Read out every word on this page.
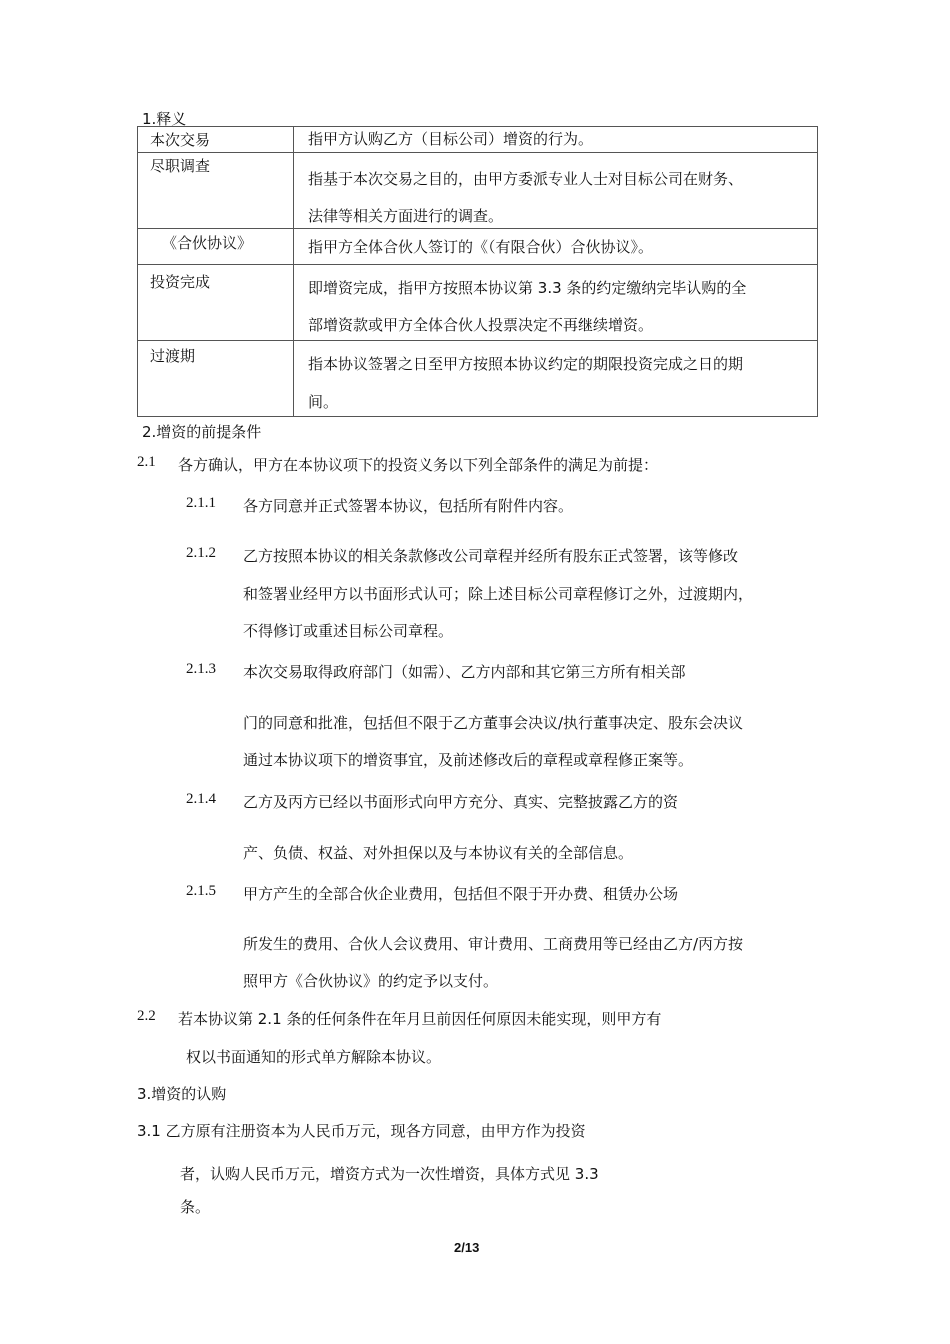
1.释义
本次交易	指甲方认购乙方（目标公司）增资的行为。

尽职调查	指基于本次交易之目的，由甲方委派专业人士对目标公司在财务、
法律等相关方面进行的调查。

《合伙协议》	指甲方全体合伙人签订的《（有限合伙）合伙协议》。

投资完成	即增资完成，指甲方按照本协议第 3.3 条的约定缴纳完毕认购的全
部增资款或甲方全体合伙人投票决定不再继续增资。

过渡期	指本协议签署之日至甲方按照本协议约定的期限投资完成之日的期
间。
2.增资的前提条件
2.1 各方确认，甲方在本协议项下的投资义务以下列全部条件的满足为前提：
2.1.1 各方同意并正式签署本协议，包括所有附件内容。
2.1.2 乙方按照本协议的相关条款修改公司章程并经所有股东正式签署，该等修改
和签署业经甲方以书面形式认可；除上述目标公司章程修订之外，过渡期内，
不得修订或重述目标公司章程。
2.1.3 本次交易取得政府部门（如需）、乙方内部和其它第三方所有相关部
门的同意和批准，包括但不限于乙方董事会决议/执行董事决定、股东会决议
通过本协议项下的增资事宜，及前述修改后的章程或章程修正案等。
2.1.4 乙方及丙方已经以书面形式向甲方充分、真实、完整披露乙方的资
产、负债、权益、对外担保以及与本协议有关的全部信息。
2.1.5 甲方产生的全部合伙企业费用，包括但不限于开办费、租赁办公场
所发生的费用、合伙人会议费用、审计费用、工商费用等已经由乙方/丙方按
照甲方《合伙协议》的约定予以支付。
2.2 若本协议第 2.1 条的任何条件在年月旦前因任何原因未能实现，则甲方有
权以书面通知的形式单方解除本协议。
3.增资的认购
3.1 乙方原有注册资本为人民币万元，现各方同意，由甲方作为投资
者，认购人民币万元，增资方式为一次性增资，具体方式见 3.3
条。
2/13
